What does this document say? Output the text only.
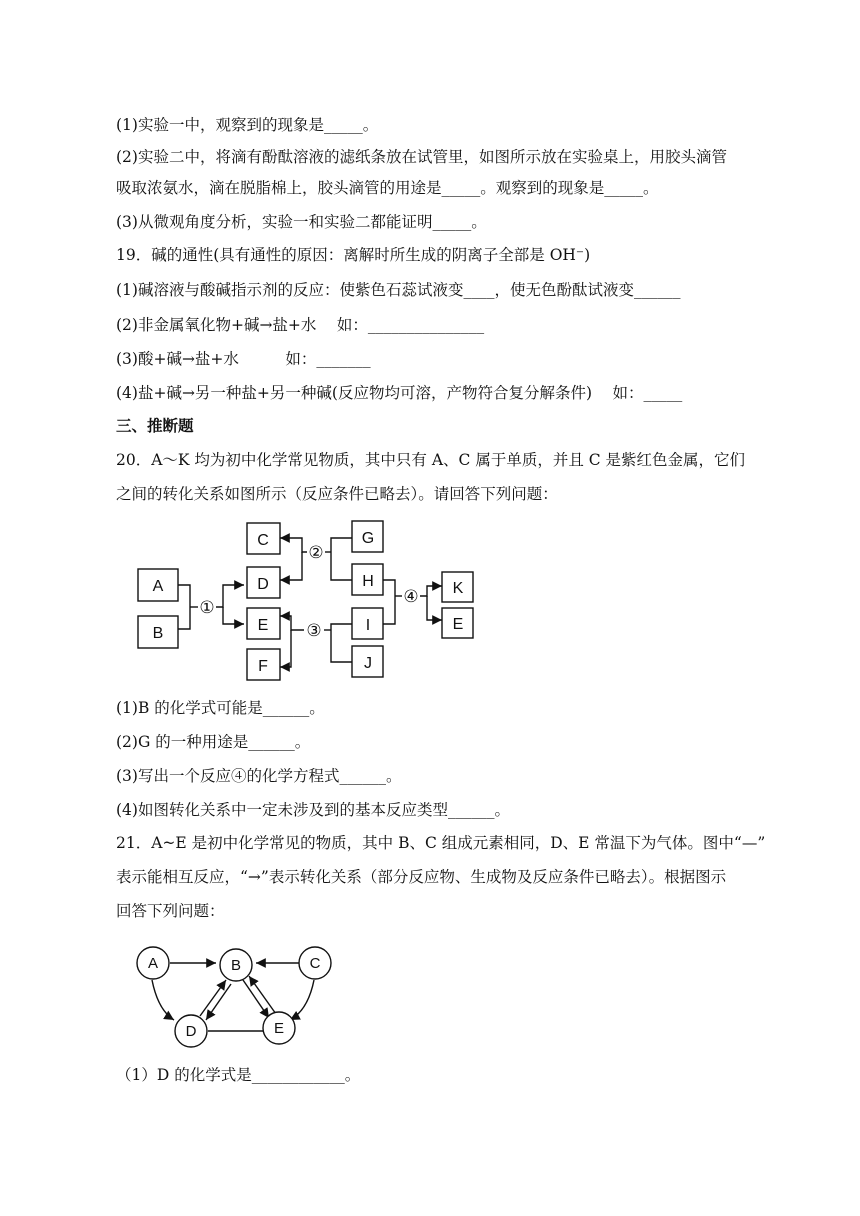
(1)实验一中，观察到的现象是_____。
(2)实验二中，将滴有酚酞溶液的滤纸条放在试管里，如图所示放在实验桌上，用胶头滴管
吸取浓氨水，滴在脱脂棉上，胶头滴管的用途是_____。观察到的现象是_____。
(3)从微观角度分析，实验一和实验二都能证明_____。
19．碱的通性(具有通性的原因：离解时所生成的阴离子全部是 OH⁻)
(1)碱溶液与酸碱指示剂的反应：使紫色石蕊试液变____，使无色酚酞试液变______
(2)非金属氧化物+碱→盐+水　 如：_______________
(3)酸+碱→盐+水　　　如：_______
(4)盐+碱→另一种盐+另一种碱(反应物均可溶，产物符合复分解条件)　 如：_____
三、推断题
20．A～K 均为初中化学常见物质，其中只有 A、C 属于单质，并且 C 是紫红色金属，它们
之间的转化关系如图所示（反应条件已略去）。请回答下列问题：
A
B
C
D
E
F
G
H
I
J
K
E
①
②
③
④
(1)B 的化学式可能是______。
(2)G 的一种用途是______。
(3)写出一个反应④的化学方程式______。
(4)如图转化关系中一定未涉及到的基本反应类型______。
21．A~E 是初中化学常见的物质，其中 B、C 组成元素相同，D、E 常温下为气体。图中“—”
表示能相互反应，“→”表示转化关系（部分反应物、生成物及反应条件已略去）。根据图示
回答下列问题：
A	B	C
D	E
（1）D 的化学式是____________。
